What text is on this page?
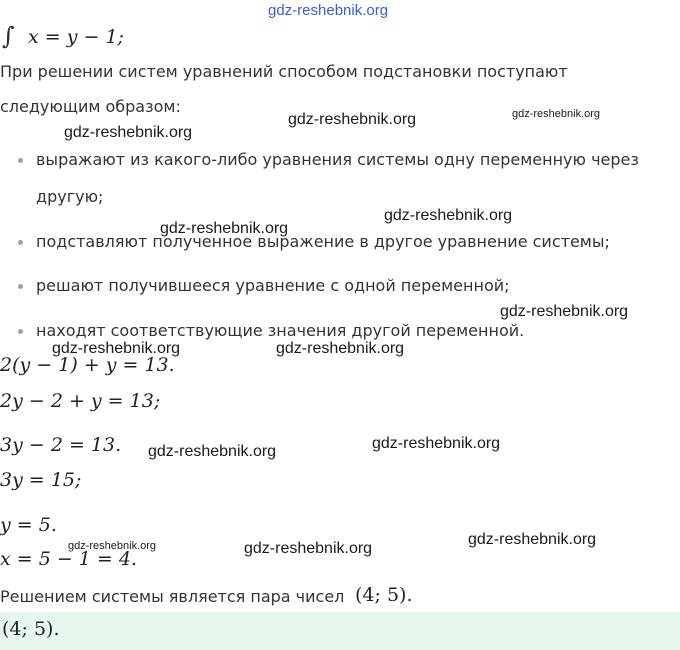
gdz-reshebnik.org
∫ x = y − 1;
При решении систем уравнений способом подстановки поступают
следующим образом:
выражают из какого-либо уравнения системы одну переменную через
другую;
подставляют полученное выражение в другое уравнение системы;
решают получившееся уравнение с одной переменной;
находят соответствующие значения другой переменной.
2(y − 1) + y = 13.
2y − 2 + y = 13;
3y − 2 = 13.
3y = 15;
y = 5.
x = 5 − 1 = 4.
Решением системы является пара чисел (4; 5).
(4; 5).
gdz-reshebnik.org
gdz-reshebnik.org	gdz-reshebnik.org
gdz-reshebnik.org
gdz-reshebnik.org
gdz-reshebnik.org
gdz-reshebnik.org	gdz-reshebnik.org
gdz-reshebnik.org	gdz-reshebnik.org
gdz-reshebnik.org	gdz-reshebnik.org
gdz-reshebnik.org
